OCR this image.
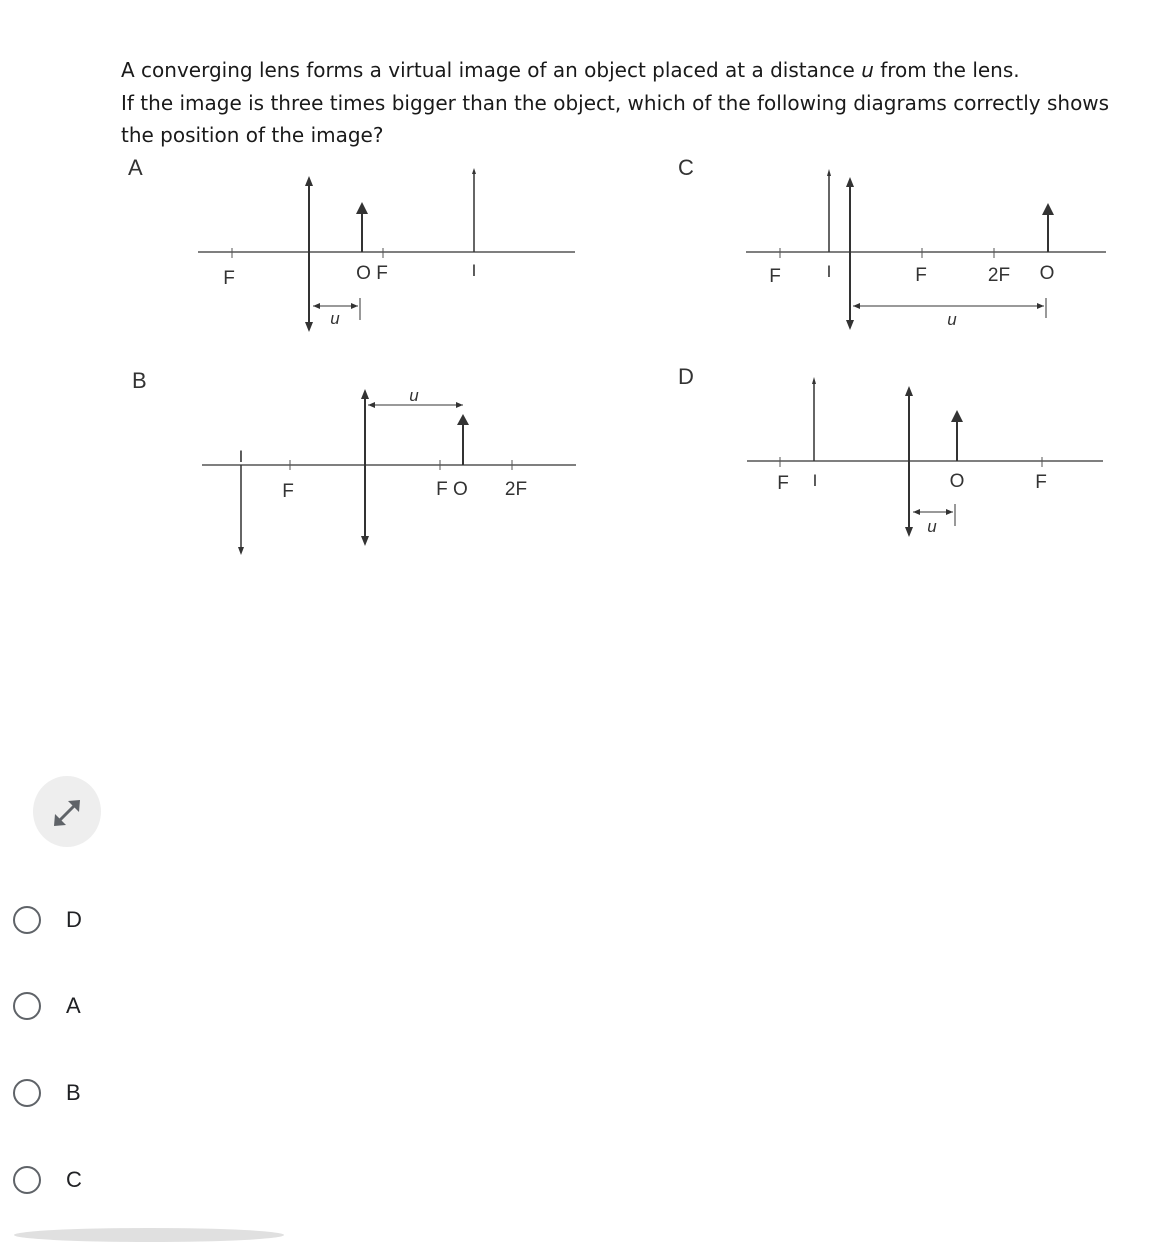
A converging lens forms a virtual image of an object placed at a distance u from the lens.

If the image is three times bigger than the object, which of the following diagrams correctly shows

the position of the image?

A
F	O F	I
u
B
I
F	F O 2F
u
C
F	I	F	2F O
u
D
F I	O	F
u
D
A
B
C
